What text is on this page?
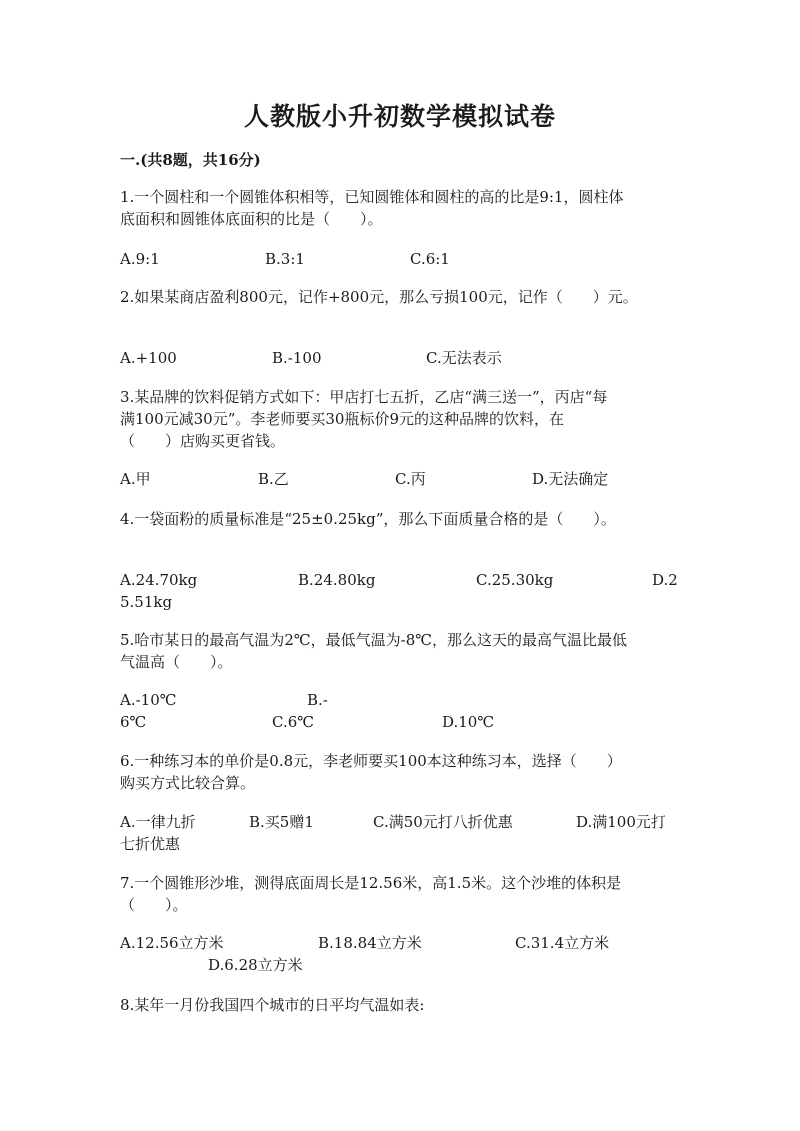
人教版小升初数学模拟试卷
一.(共8题，共16分)
1.一个圆柱和一个圆锥体积相等，已知圆锥体和圆柱的高的比是9:1，圆柱体
底面积和圆锥体底面积的比是（　　）。
A.9:1	B.3:1	C.6:1
2.如果某商店盈利800元，记作+800元，那么亏损100元，记作（　　）元。
A.+100	B.-100	C.无法表示
3.某品牌的饮料促销方式如下：甲店打七五折，乙店“满三送一”，丙店“每
满100元减30元”。李老师要买30瓶标价9元的这种品牌的饮料，在
（　　）店购买更省钱。
A.甲	B.乙	C.丙	D.无法确定
4.一袋面粉的质量标准是“25±0.25kg”，那么下面质量合格的是（　　）。
A.24.70kg	B.24.80kg	C.25.30kg	D.2
5.51kg
5.哈市某日的最高气温为2℃，最低气温为-8℃，那么这天的最高气温比最低
气温高（　　）。
A.-10℃	B.-
6℃	C.6℃	D.10℃
6.一种练习本的单价是0.8元，李老师要买100本这种练习本，选择（　　）
购买方式比较合算。
A.一律九折	B.买5赠1	C.满50元打八折优惠	D.满100元打
七折优惠
7.一个圆锥形沙堆，测得底面周长是12.56米，高1.5米。这个沙堆的体积是
（　　）。
A.12.56立方米	B.18.84立方米	C.31.4立方米
D.6.28立方米
8.某年一月份我国四个城市的日平均气温如表:
